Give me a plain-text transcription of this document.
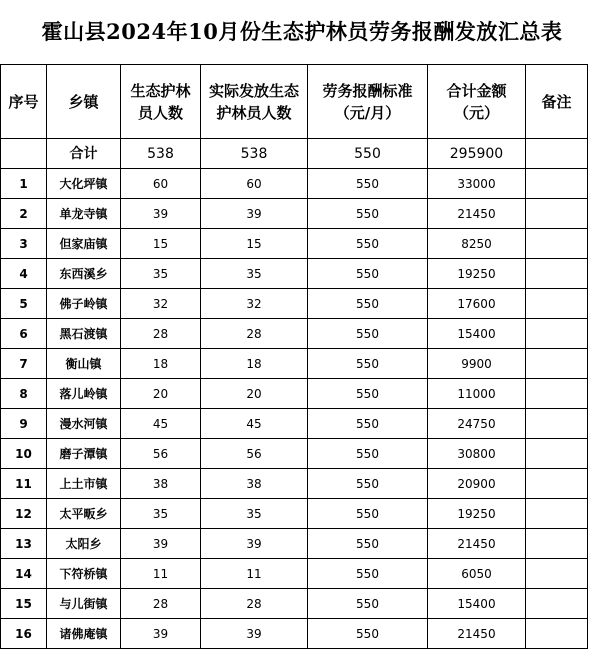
霍山县2024年10月份生态护林员劳务报酬发放汇总表
序号	乡镇	生态护林员人数	实际发放生态护林员人数	劳务报酬标准（元/月）	合计金额（元）	备注
	合计	538	538	550	295900	
1	大化坪镇	60	60	550	33000	
2	单龙寺镇	39	39	550	21450	
3	但家庙镇	15	15	550	8250	
4	东西溪乡	35	35	550	19250	
5	佛子岭镇	32	32	550	17600	
6	黑石渡镇	28	28	550	15400	
7	衡山镇	18	18	550	9900	
8	落儿岭镇	20	20	550	11000	
9	漫水河镇	45	45	550	24750	
10	磨子潭镇	56	56	550	30800	
11	上土市镇	38	38	550	20900	
12	太平畈乡	35	35	550	19250	
13	太阳乡	39	39	550	21450	
14	下符桥镇	11	11	550	6050	
15	与儿街镇	28	28	550	15400	
16	诸佛庵镇	39	39	550	21450	
